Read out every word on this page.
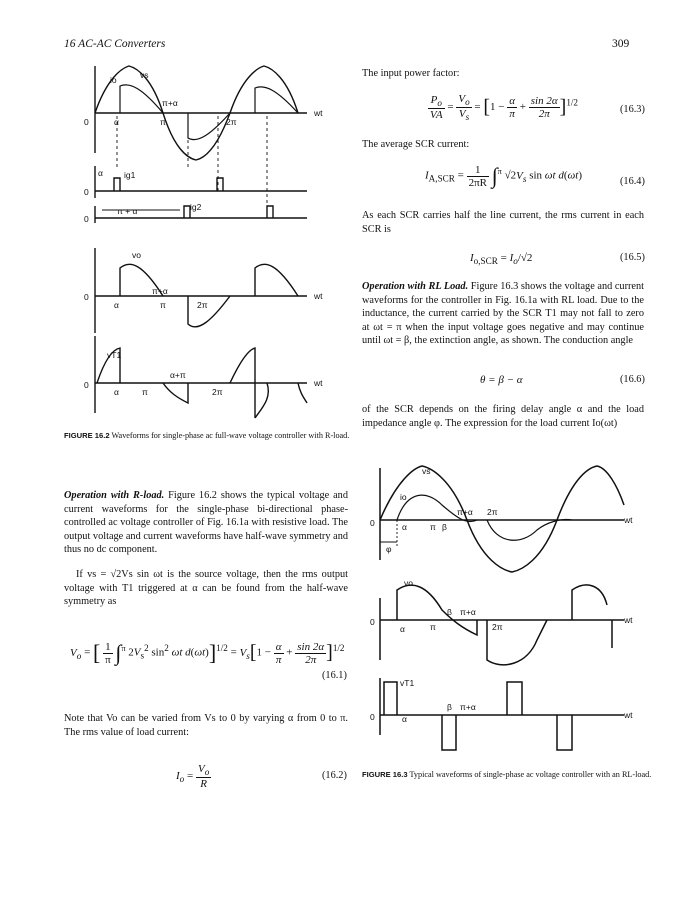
16 AC-AC Converters	309
io	vs
π+α
wt
0	α	π	2π
α ig1
0
π + α	ig2
0
vo
π+α	wt
0
α	π	2π
vT1
α+π
wt
0
α	π	2π
FIGURE 16.2 Waveforms for single-phase ac full-wave voltage controller with R-load.

The input power factor:

$\frac{P_o}{VA} = \frac{V_o}{V_s} = [1 - \frac{\alpha}{\pi} + \frac{\sin 2\alpha}{2\pi} ]^{1/2}$
(16.3)

The average SCR current:

$I_{A,SCR} = \frac{1}{2\pi R} \int^\pi$ $√2V_s$ sin ωt d(ωt)	(16.4)

As each SCR carries half the line current, the rms current in each SCR is

$I_{o,SCR} = I_o/√2$	(16.5)

Operation with RL Load. Figure 16.3 shows the voltage and current waveforms for the controller in Fig. 16.1a with RL load. Due to the inductance, the current carried by the SCR T1 may not fall to zero at ωt = π when the input voltage goes negative and may continue until ωt = β, the extinction angle, as shown. The conduction angle

θ = β − α	(16.6)

of the SCR depends on the firing delay angle α and the load impedance angle φ. The expression for the load current Io(ωt)

io
vs
π+α 2π
wt
0	α	π β
φ
vo
β π+α
wt
0
α	π	2π
vT1
β π+α
wt
0	α
FIGURE 16.3 Typical waveforms of single-phase ac voltage controller with an RL-load.

Operation with R-load. Figure 16.2 shows the typical voltage and current waveforms for the single-phase bi-directional phase-controlled ac voltage controller of Fig. 16.1a with resistive load. The output voltage and current waveforms have half-wave symmetry and thus no dc component.

If vs = √2Vs sin ωt is the source voltage, then the rms output voltage with T1 triggered at α can be found from the half-wave symmetry as

$V_o$ = [ $\frac{1}{\pi} \int^\pi$ $2V_s^2$ $\sin^2 \omega t$ $d(\omega t)]^{1/2} = V_s[1 - \frac{\alpha}{\pi} + \frac{\sin 2\alpha}{2\pi} ]^{1/2}$
(16.1)

Note that Vo can be varied from Vs to 0 by varying α from 0 to π. The rms value of load current:

$I_o = \frac{V_o}{R}$	(16.2)
